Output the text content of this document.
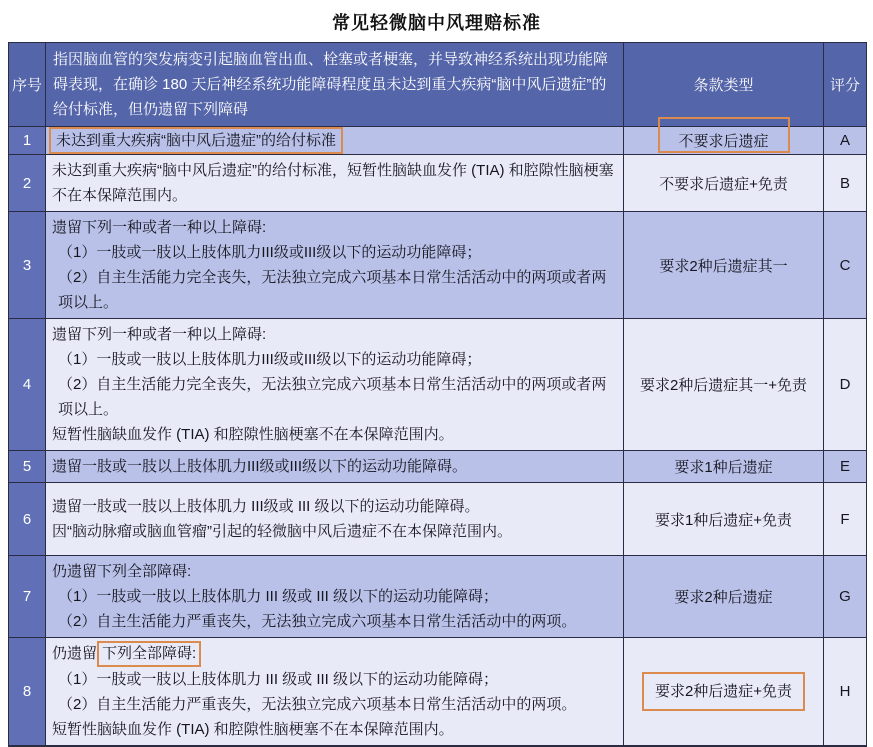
常见轻微脑中风理赔标准
序号	指因脑血管的突发病变引起脑血管出血、栓塞或者梗塞，并导致神经系统出现功能障碍表现，在确诊 180 天后神经系统功能障碍程度虽未达到重大疾病“脑中风后遗症”的给付标准，但仍遗留下列障碍	条款类型	评分
1	未达到重大疾病“脑中风后遗症”的给付标准	不要求后遗症	A
2	未达到重大疾病“脑中风后遗症”的给付标准，短暂性脑缺血发作 (TIA) 和腔隙性脑梗塞不在本保障范围内。	不要求后遗症+免责	B
3	遗留下列一种或者一种以上障碍:
（1）一肢或一肢以上肢体肌力III级或III级以下的运动功能障碍；
（2）自主生活能力完全丧失，无法独立完成六项基本日常生活活动中的两项或者两项以上。	要求2种后遗症其一	C
4	遗留下列一种或者一种以上障碍:
（1）一肢或一肢以上肢体肌力III级或III级以下的运动功能障碍；
（2）自主生活能力完全丧失，无法独立完成六项基本日常生活活动中的两项或者两项以上。
短暂性脑缺血发作 (TIA) 和腔隙性脑梗塞不在本保障范围内。	要求2种后遗症其一+免责	D
5	遗留一肢或一肢以上肢体肌力III级或III级以下的运动功能障碍。	要求1种后遗症	E
6	遗留一肢或一肢以上肢体肌力 III级或 III 级以下的运动功能障碍。
因“脑动脉瘤或脑血管瘤”引起的轻微脑中风后遗症不在本保障范围内。	要求1种后遗症+免责	F
7	仍遗留下列全部障碍:
（1）一肢或一肢以上肢体肌力 III 级或 III 级以下的运动功能障碍；
（2）自主生活能力严重丧失，无法独立完成六项基本日常生活活动中的两项。	要求2种后遗症	G
8	仍遗留 下列全部障碍:
（1）一肢或一肢以上肢体肌力 III 级或 III 级以下的运动功能障碍；
（2）自主生活能力严重丧失，无法独立完成六项基本日常生活活动中的两项。
短暂性脑缺血发作 (TIA) 和腔隙性脑梗塞不在本保障范围内。	要求2种后遗症+免责	H
